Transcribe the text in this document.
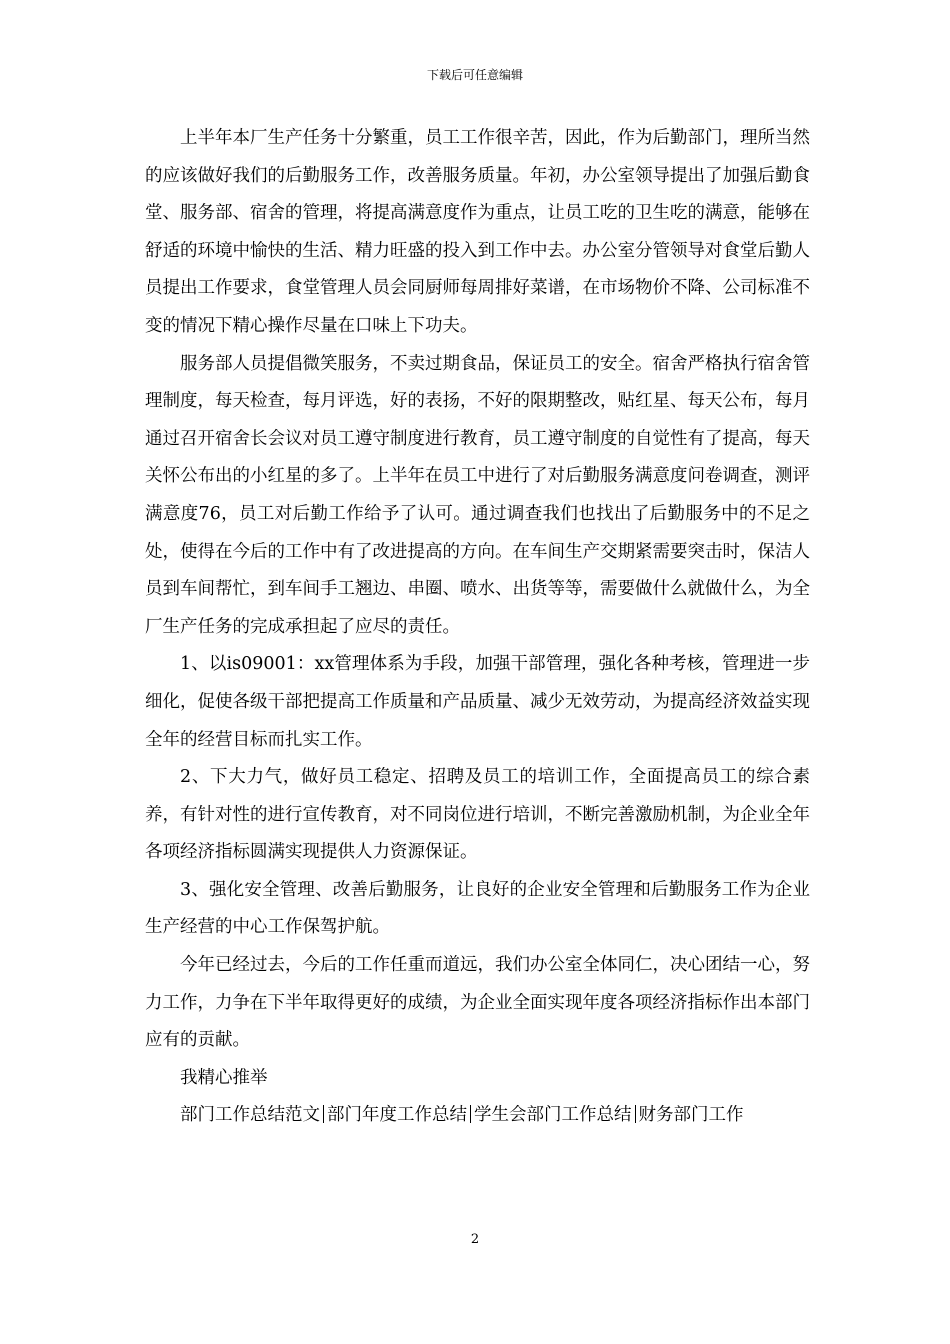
下载后可任意编辑

上半年本厂生产任务十分繁重，员工工作很辛苦，因此，作为后勤部门，理所当然的应该做好我们的后勤服务工作，改善服务质量。年初，办公室领导提出了加强后勤食堂、服务部、宿舍的管理，将提高满意度作为重点，让员工吃的卫生吃的满意，能够在舒适的环境中愉快的生活、精力旺盛的投入到工作中去。办公室分管领导对食堂后勤人员提出工作要求，食堂管理人员会同厨师每周排好菜谱，在市场物价不降、公司标准不变的情况下精心操作尽量在口味上下功夫。

服务部人员提倡微笑服务，不卖过期食品，保证员工的安全。宿舍严格执行宿舍管理制度，每天检查，每月评选，好的表扬，不好的限期整改，贴红星、每天公布，每月通过召开宿舍长会议对员工遵守制度进行教育，员工遵守制度的自觉性有了提高，每天关怀公布出的小红星的多了。上半年在员工中进行了对后勤服务满意度问卷调查，测评满意度76，员工对后勤工作给予了认可。通过调查我们也找出了后勤服务中的不足之处，使得在今后的工作中有了改进提高的方向。在车间生产交期紧需要突击时，保洁人员到车间帮忙，到车间手工翘边、串圈、喷水、出货等等，需要做什么就做什么，为全厂生产任务的完成承担起了应尽的责任。

1、以is09001：xx管理体系为手段，加强干部管理，强化各种考核，管理进一步细化，促使各级干部把提高工作质量和产品质量、减少无效劳动，为提高经济效益实现全年的经营目标而扎实工作。

2、下大力气，做好员工稳定、招聘及员工的培训工作，全面提高员工的综合素养，有针对性的进行宣传教育，对不同岗位进行培训，不断完善激励机制，为企业全年各项经济指标圆满实现提供人力资源保证。

3、强化安全管理、改善后勤服务，让良好的企业安全管理和后勤服务工作为企业生产经营的中心工作保驾护航。

今年已经过去，今后的工作任重而道远，我们办公室全体同仁，决心团结一心，努力工作，力争在下半年取得更好的成绩，为企业全面实现年度各项经济指标作出本部门应有的贡献。

我精心推举

部门工作总结范文 部门年度工作总结 学生会部门工作总结 财务部门工作

2
